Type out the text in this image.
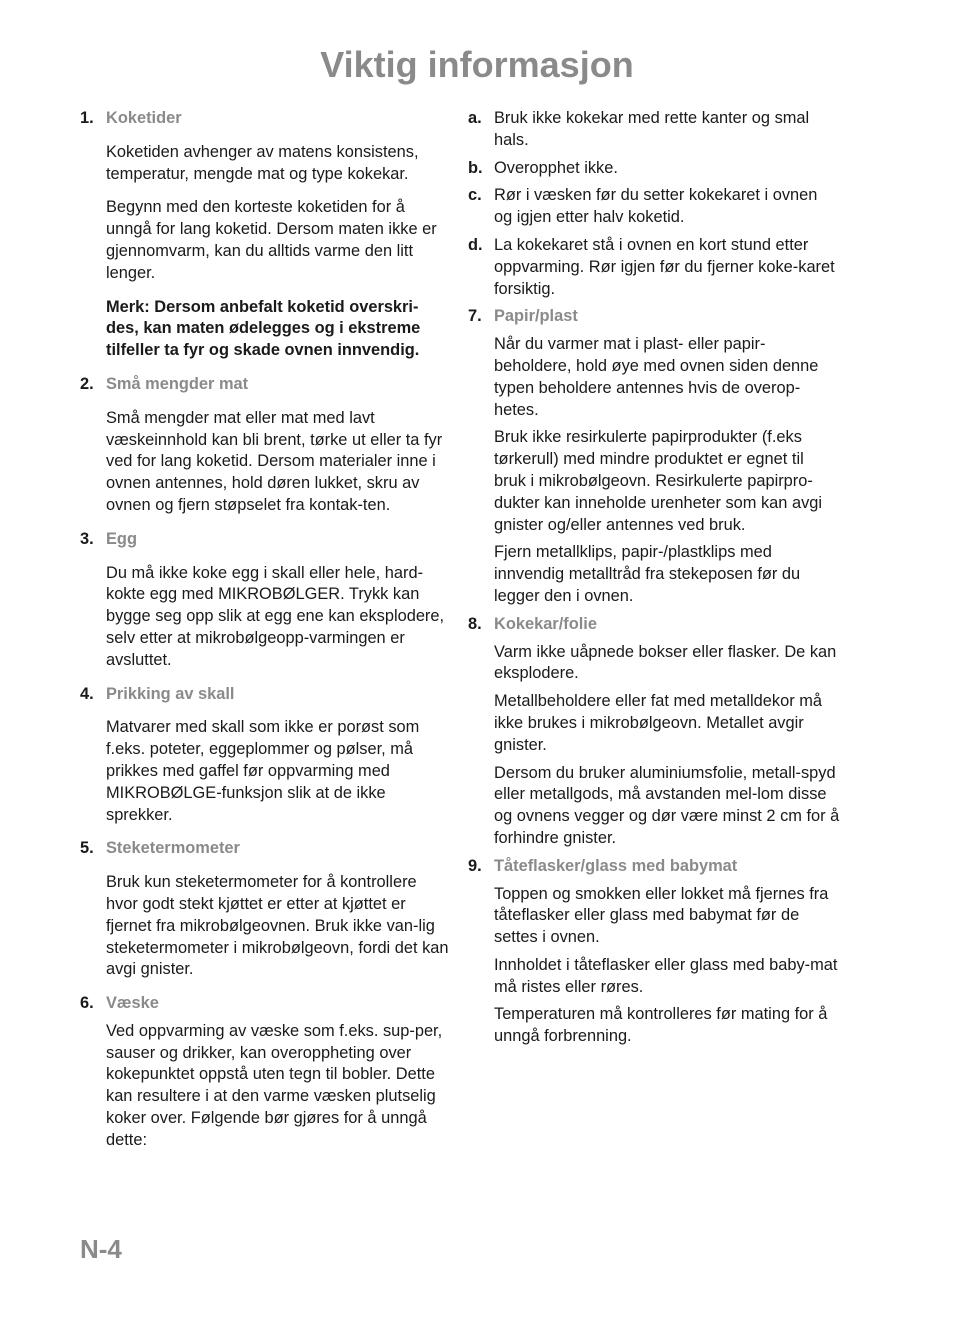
Viktig informasjon
1. Koketider

Koketiden avhenger av matens konsistens, temperatur, mengde mat og type kokekar.

Begynn med den korteste koketiden for å unngå for lang koketid. Dersom maten ikke er gjennomvarm, kan du alltids varme den litt lenger.

Merk: Dersom anbefalt koketid overskri-des, kan maten ødelegges og i ekstreme tilfeller ta fyr og skade ovnen innvendig.

2. Små mengder mat

Små mengder mat eller mat med lavt væskeinnhold kan bli brent, tørke ut eller ta fyr ved for lang koketid. Dersom materialer inne i ovnen antennes, hold døren lukket, skru av ovnen og fjern støpselet fra kontak-ten.

3. Egg

Du må ikke koke egg i skall eller hele, hard-kokte egg med MIKROBØLGER. Trykk kan bygge seg opp slik at egg ene kan eksplodere, selv etter at mikrobølgeopp-varmingen er avsluttet.

4. Prikking av skall

Matvarer med skall som ikke er porøst som f.eks. poteter, eggeplommer og pølser, må prikkes med gaffel før oppvarming med MIKROBØLGE-funksjon slik at de ikke sprekker.

5. Steketermometer

Bruk kun steketermometer for å kontrollere hvor godt stekt kjøttet er etter at kjøttet er fjernet fra mikrobølgeovnen. Bruk ikke van-lig steketermometer i mikrobølgeovn, fordi det kan avgi gnister.

6. Væske

Ved oppvarming av væske som f.eks. sup-per, sauser og drikker, kan overoppheting over kokepunktet oppstå uten tegn til bobler. Dette kan resultere i at den varme væsken plutselig koker over. Følgende bør gjøres for å unngå dette:

a. Bruk ikke kokekar med rette kanter og smal hals.

b. Overopphet ikke.

c. Rør i væsken før du setter kokekaret i ovnen og igjen etter halv koketid.

d. La kokekaret stå i ovnen en kort stund etter oppvarming. Rør igjen før du fjerner koke-karet forsiktig.

7. Papir/plast

Når du varmer mat i plast- eller papir-beholdere, hold øye med ovnen siden denne typen beholdere antennes hvis de overop-hetes.

Bruk ikke resirkulerte papirprodukter (f.eks tørkerull) med mindre produktet er egnet til bruk i mikrobølgeovn. Resirkulerte papirpro-dukter kan inneholde urenheter som kan avgi gnister og/eller antennes ved bruk.

Fjern metallklips, papir-/plastklips med innvendig metalltråd fra stekeposen før du legger den i ovnen.

8. Kokekar/folie

Varm ikke uåpnede bokser eller flasker. De kan eksplodere.

Metallbeholdere eller fat med metalldekor må ikke brukes i mikrobølgeovn. Metallet avgir gnister.

Dersom du bruker aluminiumsfolie, metall-spyd eller metallgods, må avstanden mel-lom disse og ovnens vegger og dør være minst 2 cm for å forhindre gnister.

9. Tåteflasker/glass med babymat

Toppen og smokken eller lokket må fjernes fra tåteflasker eller glass med babymat før de settes i ovnen.

Innholdet i tåteflasker eller glass med baby-mat må ristes eller røres.

Temperaturen må kontrolleres før mating for å unngå forbrenning.

N-4
